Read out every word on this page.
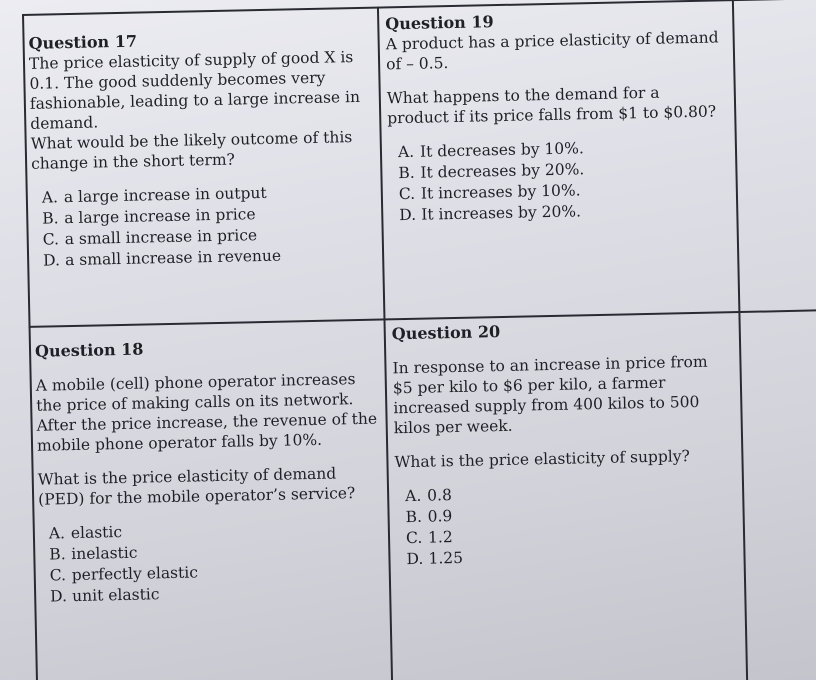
Question 17

The price elasticity of supply of good X is 0.1. The good suddenly becomes very fashionable, leading to a large increase in demand.

What would be the likely outcome of this change in the short term?

A. a large increase in output
B. a large increase in price
C. a small increase in price
D. a small increase in revenue
Question 19

A product has a price elasticity of demand of – 0.5.

What happens to the demand for a product if its price falls from $1 to $0.80?

A. It decreases by 10%.
B. It decreases by 20%.
C. It increases by 10%.
D. It increases by 20%.
Question 18

A mobile (cell) phone operator increases the price of making calls on its network. After the price increase, the revenue of the mobile phone operator falls by 10%.

What is the price elasticity of demand (PED) for the mobile operator’s service?

A. elastic
B. inelastic
C. perfectly elastic
D. unit elastic
Question 20

In response to an increase in price from $5 per kilo to $6 per kilo, a farmer increased supply from 400 kilos to 500 kilos per week.

What is the price elasticity of supply?

A. 0.8
B. 0.9
C. 1.2
D. 1.25
